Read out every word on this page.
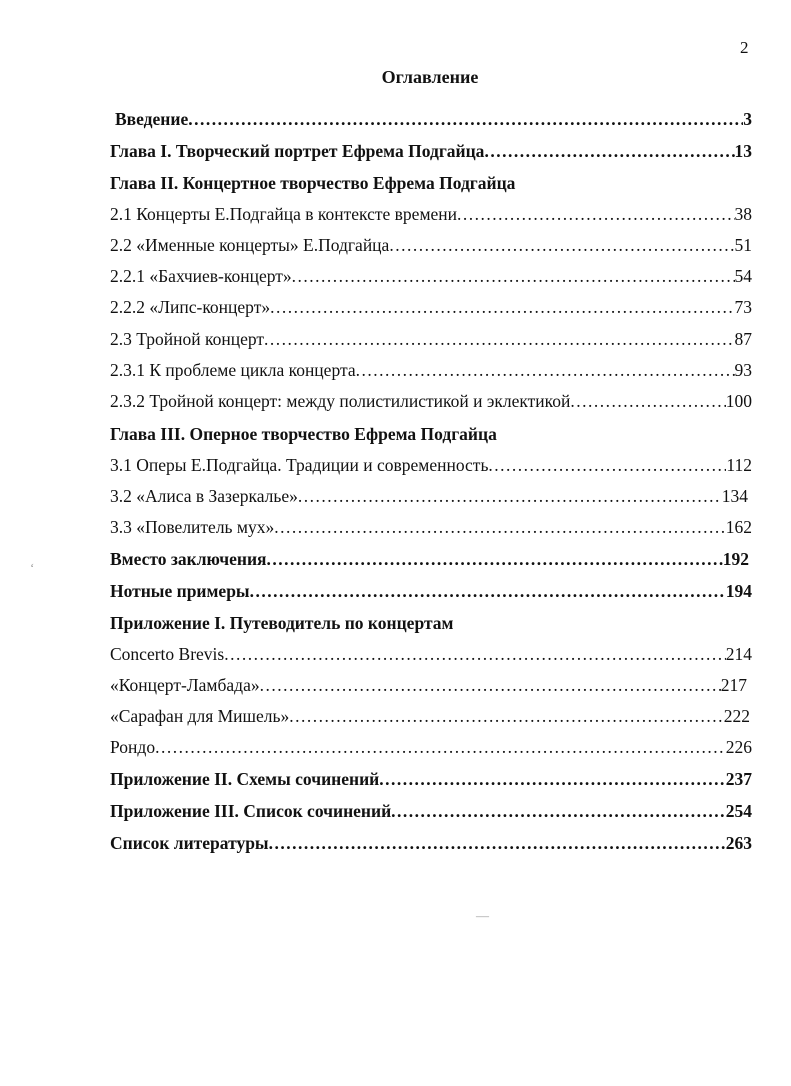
2
Оглавление
Введение .....	3
Глава I. Творческий портрет Ефрема Подгайца .....	13
Глава II. Концертное творчество Ефрема Подгайца
2.1 Концерты Е.Подгайца в контексте времени .....	38
2.2 «Именные концерты» Е.Подгайца .....	51
2.2.1 «Бахчиев-концерт» .....	54
2.2.2 «Липс-концерт» .....	73
2.3 Тройной концерт .....	87
2.3.1 К проблеме цикла концерта .....	93
2.3.2 Тройной концерт: между полистилистикой и эклектикой .....	100
Глава III. Оперное творчество Ефрема Подгайца
3.1 Оперы Е.Подгайца. Традиции и современность .....	112
3.2 «Алиса в Зазеркалье» .....	134
3.3 «Повелитель мух» .....	162
Вместо заключения .....	192
Нотные примеры .....	194
Приложение I. Путеводитель по концертам
Concerto Brevis .....	214
«Концерт-Ламбада» .....	217
«Сарафан для Мишель» .....	222
Рондо .....	226
Приложение II. Схемы сочинений .....	237
Приложение III. Список сочинений .....	254
Список литературы .....	263
‘
—
